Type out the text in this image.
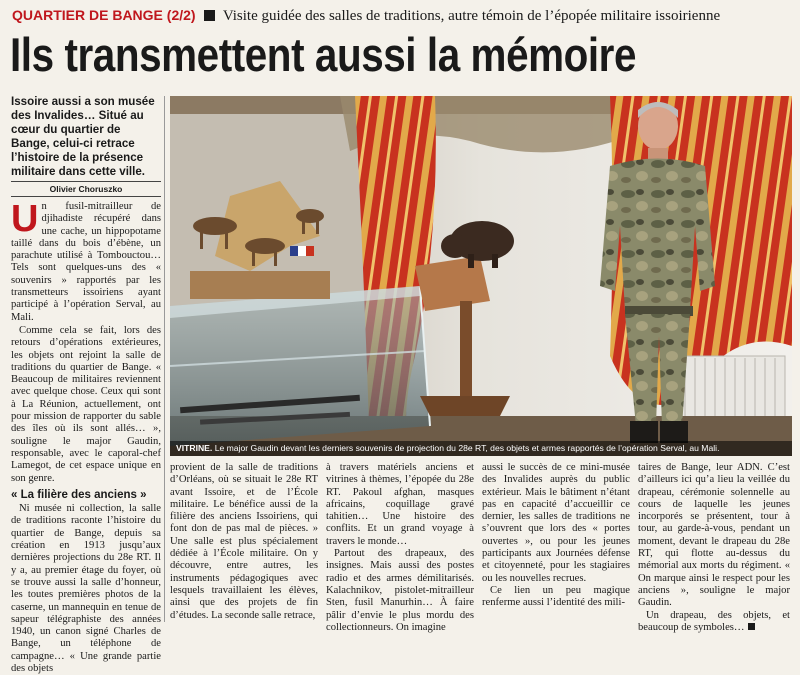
QUARTIER DE BANGE (2/2) Visite guidée des salles de traditions, autre témoin de l’épopée militaire issoirienne
Ils transmettent aussi la mémoire
Issoire aussi a son musée des Invalides… Situé au cœur du quartier de Bange, celui-ci retrace l’histoire de la présence militaire dans cette ville.
Olivier Choruszko
U n fusil-mitrailleur de djihadiste récupéré dans une cache, un hippopotame taillé dans du bois d’ébène, un parachute utilisé à Tombouctou… Tels sont quelques-uns des « souvenirs » rapportés par les transmetteurs issoiriens ayant participé à l’opération Serval, au Mali.
Comme cela se fait, lors des retours d’opérations extérieures, les objets ont rejoint la salle de traditions du quartier de Bange. « Beaucoup de militaires reviennent avec quelque chose. Ceux qui sont à La Réunion, actuellement, ont pour mission de rapporter du sable des îles où ils sont allés… », souligne le major Gaudin, responsable, avec le caporal-chef Lamegot, de cet espace unique en son genre.
« La filière des anciens »
Ni musée ni collection, la salle de traditions raconte l’histoire du quartier de Bange, depuis sa création en 1913 jusqu’aux dernières projections du 28e RT. Il y a, au premier étage du foyer, où se trouve aussi la salle d’honneur, les toutes premières photos de la caserne, un mannequin en tenue de sapeur télégraphiste des années 1940, un canon signé Charles de Bange, un téléphone de campagne… « Une grande partie des objets
VITRINE. Le major Gaudin devant les derniers souvenirs de projection du 28e RT, des objets et armes rapportés de l’opération Serval, au Mali.
provient de la salle de traditions d’Orléans, où se situait le 28e RT avant Issoire, et de l’École militaire. Le bénéfice aussi de la filière des anciens Issoiriens, qui font don de pas mal de pièces. » Une salle est plus spécialement dédiée à l’École militaire. On y découvre, entre autres, les instruments pédagogiques avec lesquels travaillaient les élèves, ainsi que des projets de fin d’études. La seconde salle retrace,
à travers matériels anciens et vitrines à thèmes, l’épopée du 28e RT. Pakoul afghan, masques africains, coquillage gravé tahitien… Une histoire des conflits. Et un grand voyage à travers le monde…
Partout des drapeaux, des insignes. Mais aussi des postes radio et des armes démilitarisés. Kalachnikov, pistolet-mitrailleur Sten, fusil Manurhin… À faire pâlir d’envie le plus mordu des collectionneurs. On imagine
aussi le succès de ce mini-musée des Invalides auprès du public extérieur. Mais le bâtiment n’étant pas en capacité d’accueillir ce dernier, les salles de traditions ne s’ouvrent que lors des « portes ouvertes », ou pour les jeunes participants aux Journées défense et citoyenneté, pour les stagiaires ou les nouvelles recrues.
Ce lien un peu magique renferme aussi l’identité des mili-
taires de Bange, leur ADN. C’est d’ailleurs ici qu’a lieu la veillée du drapeau, cérémonie solennelle au cours de laquelle les jeunes incorporés se présentent, tour à tour, au garde-à-vous, pendant un moment, devant le drapeau du 28e RT, qui flotte au-dessus du mémorial aux morts du régiment. « On marque ainsi le respect pour les anciens », souligne le major Gaudin.
Un drapeau, des objets, et beaucoup de symboles…
